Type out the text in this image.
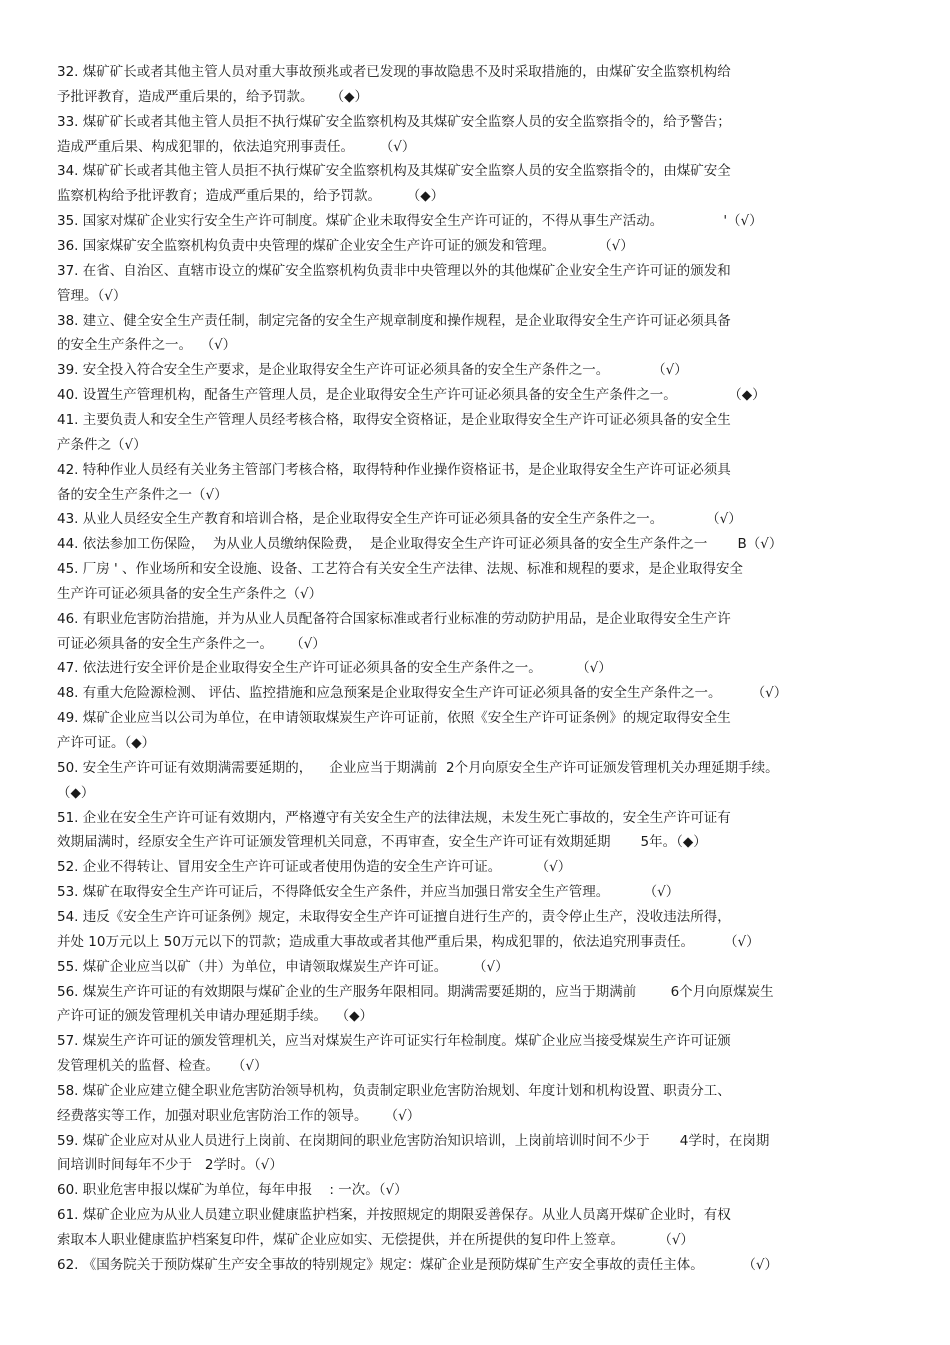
32. 煤矿矿长或者其他主管人员对重大事故预兆或者已发现的事故隐患不及时采取措施的，由煤矿安全监察机构给
予批评教育，造成严重后果的，给予罚款。    （◆）
33. 煤矿矿长或者其他主管人员拒不执行煤矿安全监察机构及其煤矿安全监察人员的安全监察指令的，给予警告；
造成严重后果、构成犯罪的，依法追究刑事责任。      （√）
34. 煤矿矿长或者其他主管人员拒不执行煤矿安全监察机构及其煤矿安全监察人员的安全监察指令的，由煤矿安全
监察机构给予批评教育；造成严重后果的，给予罚款。      （◆）
35. 国家对煤矿企业实行安全生产许可制度。煤矿企业未取得安全生产许可证的，不得从事生产活动。              '（√）
36. 国家煤矿安全监察机构负责中央管理的煤矿企业安全生产许可证的颁发和管理。          （√）
37. 在省、自治区、直辖市设立的煤矿安全监察机构负责非中央管理以外的其他煤矿企业安全生产许可证的颁发和
管理。（√）
38. 建立、健全安全生产责任制，制定完备的安全生产规章制度和操作规程，是企业取得安全生产许可证必须具备
的安全生产条件之一。  （√）
39. 安全投入符合安全生产要求，是企业取得安全生产许可证必须具备的安全生产条件之一。          （√）
40. 设置生产管理机构，配备生产管理人员，是企业取得安全生产许可证必须具备的安全生产条件之一。            （◆）
41. 主要负责人和安全生产管理人员经考核合格，取得安全资格证，是企业取得安全生产许可证必须具备的安全生
产条件之（√）
42. 特种作业人员经有关业务主管部门考核合格，取得特种作业操作资格证书，是企业取得安全生产许可证必须具
备的安全生产条件之一（√）
43. 从业人员经安全生产教育和培训合格，是企业取得安全生产许可证必须具备的安全生产条件之一。          （√）
44. 依法参加工伤保险，  为从业人员缴纳保险费，  是企业取得安全生产许可证必须具备的安全生产条件之一       B（√）
45. 厂房 ' 、作业场所和安全设施、设备、工艺符合有关安全生产法律、法规、标准和规程的要求，是企业取得安全
生产许可证必须具备的安全生产条件之（√）
46. 有职业危害防治措施，并为从业人员配备符合国家标准或者行业标准的劳动防护用品，是企业取得安全生产许
可证必须具备的安全生产条件之一。    （√）
47. 依法进行安全评价是企业取得安全生产许可证必须具备的安全生产条件之一。        （√）
48. 有重大危险源检测、 评估、监控措施和应急预案是企业取得安全生产许可证必须具备的安全生产条件之一。       （√）
49. 煤矿企业应当以公司为单位，在申请领取煤炭生产许可证前，依照《安全生产许可证条例》的规定取得安全生
产许可证。（◆）
50. 安全生产许可证有效期满需要延期的，    企业应当于期满前  2个月向原安全生产许可证颁发管理机关办理延期手续。
（◆）
51. 企业在安全生产许可证有效期内，严格遵守有关安全生产的法律法规，未发生死亡事故的，安全生产许可证有
效期届满时，经原安全生产许可证颁发管理机关同意，不再审查，安全生产许可证有效期延期       5年。（◆）
52. 企业不得转让、冒用安全生产许可证或者使用伪造的安全生产许可证。        （√）
53. 煤矿在取得安全生产许可证后，不得降低安全生产条件，并应当加强日常安全生产管理。        （√）
54. 违反《安全生产许可证条例》规定，未取得安全生产许可证擅自进行生产的，责令停止生产，没收违法所得，
并处 10万元以上 50万元以下的罚款；造成重大事故或者其他严重后果，构成犯罪的，依法追究刑事责任。       （√）
55. 煤矿企业应当以矿（井）为单位，申请领取煤炭生产许可证。      （√）
56. 煤炭生产许可证的有效期限与煤矿企业的生产服务年限相同。期满需要延期的，应当于期满前        6个月向原煤炭生
产许可证的颁发管理机关申请办理延期手续。  （◆）
57. 煤炭生产许可证的颁发管理机关，应当对煤炭生产许可证实行年检制度。煤矿企业应当接受煤炭生产许可证颁
发管理机关的监督、检查。   （√）
58. 煤矿企业应建立健全职业危害防治领导机构，负责制定职业危害防治规划、年度计划和机构设置、职责分工、
经费落实等工作，加强对职业危害防治工作的领导。    （√）
59. 煤矿企业应对从业人员进行上岗前、在岗期间的职业危害防治知识培训，上岗前培训时间不少于       4学时，在岗期
间培训时间每年不少于   2学时。（√）
60. 职业危害申报以煤矿为单位，每年申报    : 一次。（√）
61. 煤矿企业应为从业人员建立职业健康监护档案，并按照规定的期限妥善保存。从业人员离开煤矿企业时，有权
索取本人职业健康监护档案复印件，煤矿企业应如实、无偿提供，并在所提供的复印件上签章。        （√）
62. 《国务院关于预防煤矿生产安全事故的特别规定》规定：煤矿企业是预防煤矿生产安全事故的责任主体。         （√）
